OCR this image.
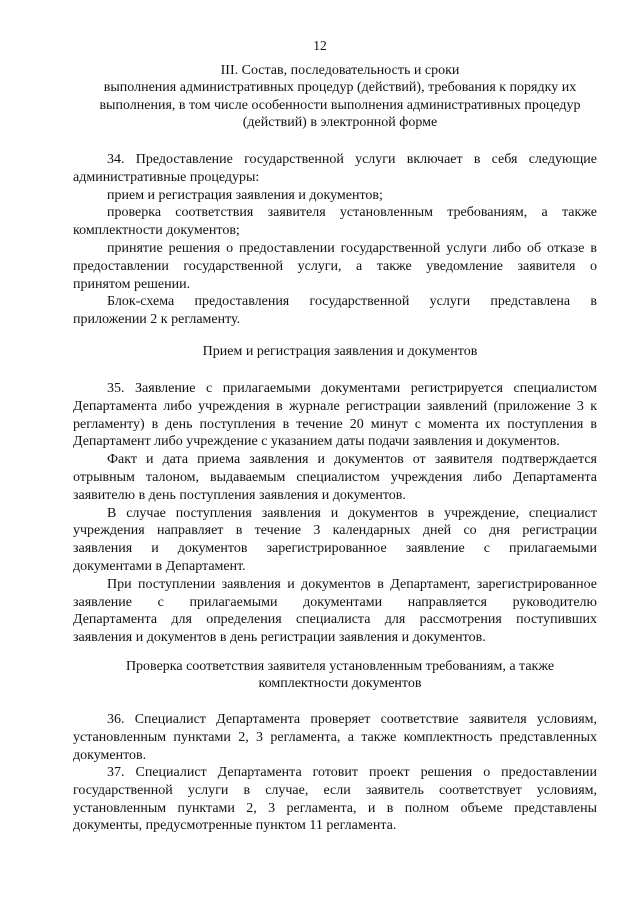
12
III. Состав, последовательность и сроки
выполнения административных процедур (действий), требования к порядку их
выполнения, в том числе особенности выполнения административных процедур
(действий) в электронной форме
34. Предоставление государственной услуги включает в себя следующие
административные процедуры:
прием и регистрация заявления и документов;
проверка соответствия заявителя установленным требованиям, а также
комплектности документов;
принятие решения о предоставлении государственной услуги либо об отказе в
предоставлении государственной услуги, а также уведомление заявителя о
принятом решении.
Блок-схема предоставления государственной услуги представлена в
приложении 2 к регламенту.
Прием и регистрация заявления и документов
35. Заявление с прилагаемыми документами регистрируется специалистом
Департамента либо учреждения в журнале регистрации заявлений (приложение 3 к
регламенту) в день поступления в течение 20 минут с момента их поступления в
Департамент либо учреждение с указанием даты подачи заявления и документов.
Факт и дата приема заявления и документов от заявителя подтверждается
отрывным талоном, выдаваемым специалистом учреждения либо Департамента
заявителю в день поступления заявления и документов.
В случае поступления заявления и документов в учреждение, специалист
учреждения направляет в течение 3 календарных дней со дня регистрации
заявления и документов зарегистрированное заявление с прилагаемыми
документами в Департамент.
При поступлении заявления и документов в Департамент, зарегистрированное
заявление с прилагаемыми документами направляется руководителю
Департамента для определения специалиста для рассмотрения поступивших
заявления и документов в день регистрации заявления и документов.
Проверка соответствия заявителя установленным требованиям, а также
комплектности документов
36. Специалист Департамента проверяет соответствие заявителя условиям,
установленным пунктами 2, 3 регламента, а также комплектность представленных
документов.
37. Специалист Департамента готовит проект решения о предоставлении
государственной услуги в случае, если заявитель соответствует условиям,
установленным пунктами 2, 3 регламента, и в полном объеме представлены
документы, предусмотренные пунктом 11 регламента.
